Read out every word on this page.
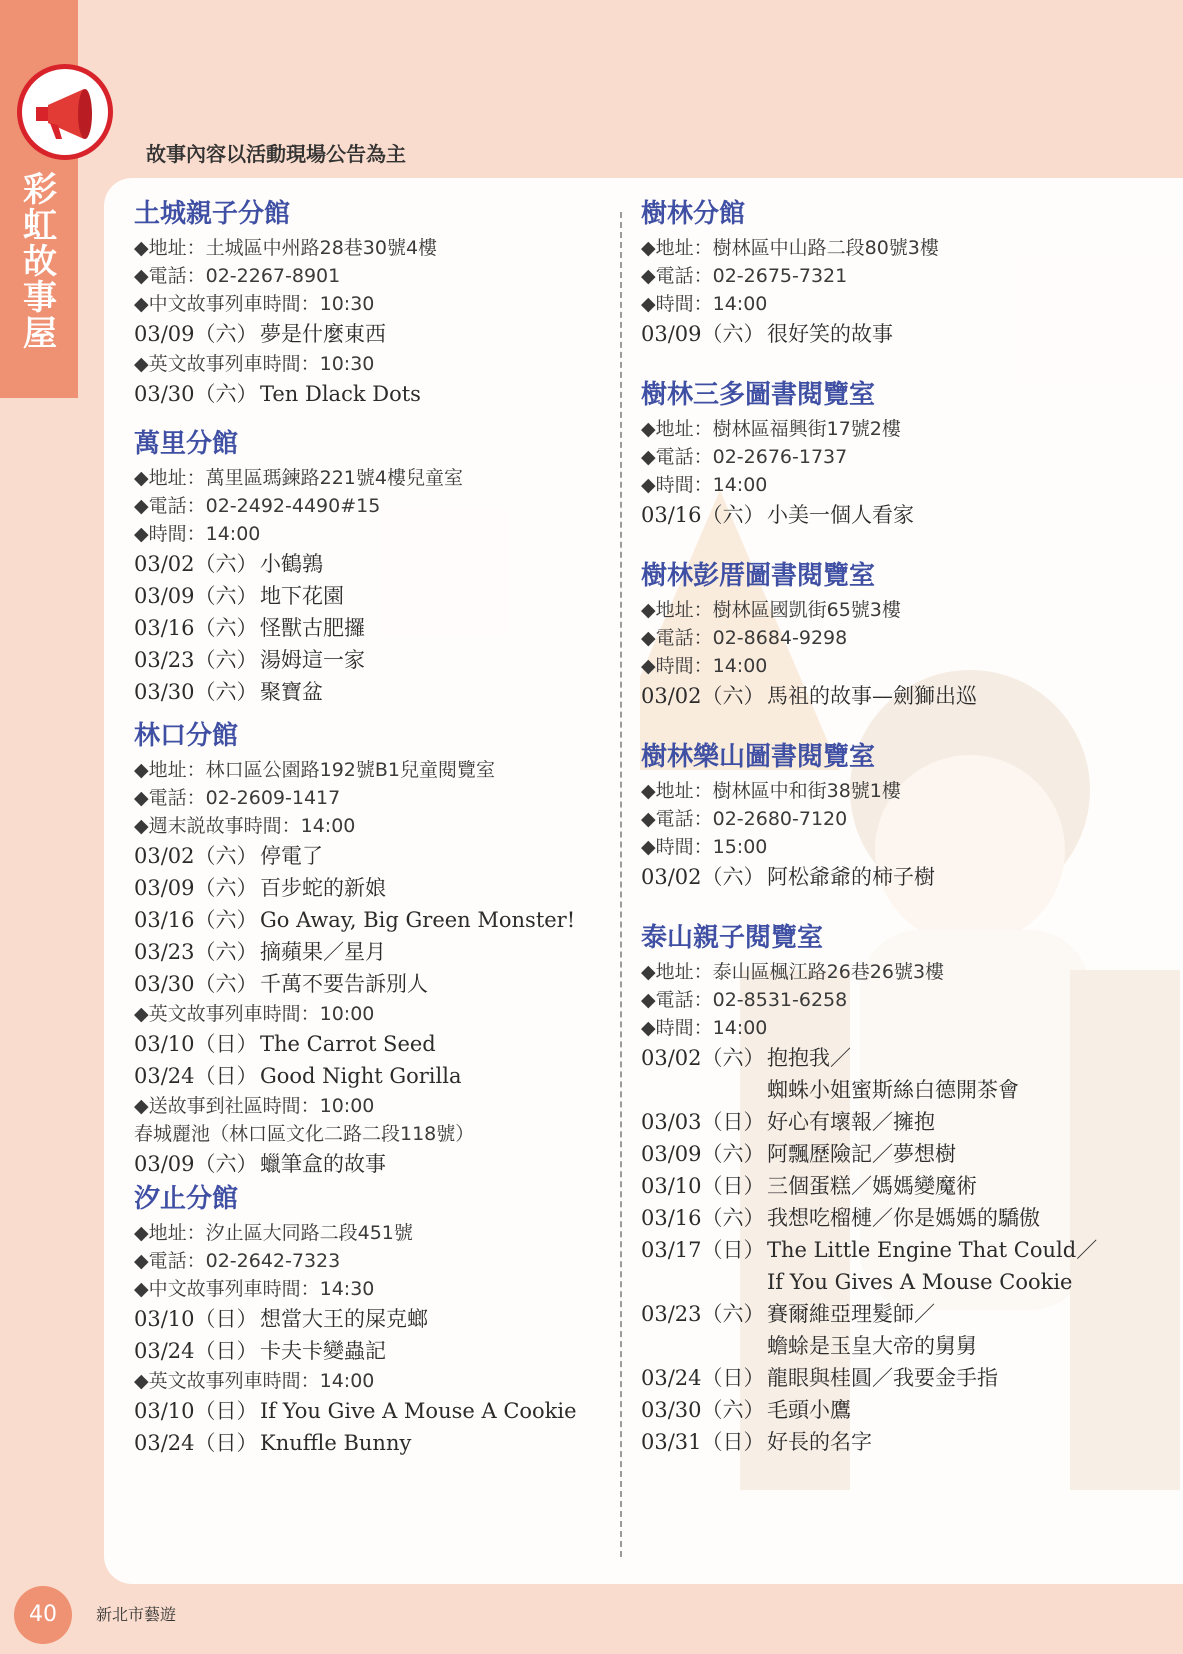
彩
虹
故
事
屋
故事內容以活動現場公告為主
土城親子分館
◆地址：土城區中州路28巷30號4樓
◆電話：02-2267-8901
◆中文故事列車時間：10:30
03/09（六） 夢是什麼東西
◆英文故事列車時間：10:30
03/30（六） Ten Dlack Dots
萬里分館
◆地址：萬里區瑪鍊路221號4樓兒童室
◆電話：02-2492-4490#15
◆時間：14:00
03/02（六） 小鶴鶉
03/09（六） 地下花園
03/16（六） 怪獸古肥攞
03/23（六） 湯姆這一家
03/30（六） 聚寶盆
林口分館
◆地址：林口區公園路192號B1兒童閱覽室
◆電話：02-2609-1417
◆週末説故事時間：14:00
03/02（六） 停電了
03/09（六） 百步蛇的新娘
03/16（六） Go Away, Big Green Monster!
03/23（六） 摘蘋果／星月
03/30（六） 千萬不要告訴別人
◆英文故事列車時間：10:00
03/10（日） The Carrot Seed
03/24（日） Good Night Gorilla
◆送故事到社區時間：10:00
春城麗池（林口區文化二路二段118號）
03/09（六） 蠟筆盒的故事
汐止分館
◆地址：汐止區大同路二段451號
◆電話：02-2642-7323
◆中文故事列車時間：14:30
03/10（日） 想當大王的屎克螂
03/24（日） 卡夫卡變蟲記
◆英文故事列車時間：14:00
03/10（日） If You Give A Mouse A Cookie
03/24（日） Knuffle Bunny
樹林分館
◆地址：樹林區中山路二段80號3樓
◆電話：02-2675-7321
◆時間：14:00
03/09（六） 很好笑的故事
樹林三多圖書閱覽室
◆地址：樹林區福興街17號2樓
◆電話：02-2676-1737
◆時間：14:00
03/16（六） 小美一個人看家
樹林彭厝圖書閱覽室
◆地址：樹林區國凱街65號3樓
◆電話：02-8684-9298
◆時間：14:00
03/02（六） 馬祖的故事—劍獅出巡
樹林樂山圖書閱覽室
◆地址：樹林區中和街38號1樓
◆電話：02-2680-7120
◆時間：15:00
03/02（六） 阿松爺爺的柿子樹
泰山親子閱覽室
◆地址：泰山區楓江路26巷26號3樓
◆電話：02-8531-6258
◆時間：14:00
03/02（六） 抱抱我／
蜘蛛小姐蜜斯絲白德開茶會
03/03（日） 好心有壞報／擁抱
03/09（六） 阿飄歷險記／夢想樹
03/10（日） 三個蛋糕／媽媽變魔術
03/16（六） 我想吃榴槤／你是媽媽的驕傲
03/17（日） The Little Engine That Could／
If You Gives A Mouse Cookie
03/23（六） 賽爾維亞理髮師／
蟾蜍是玉皇大帝的舅舅
03/24（日） 龍眼與桂圓／我要金手指
03/30（六） 毛頭小鷹
03/31（日） 好長的名字
40	新北市藝遊
